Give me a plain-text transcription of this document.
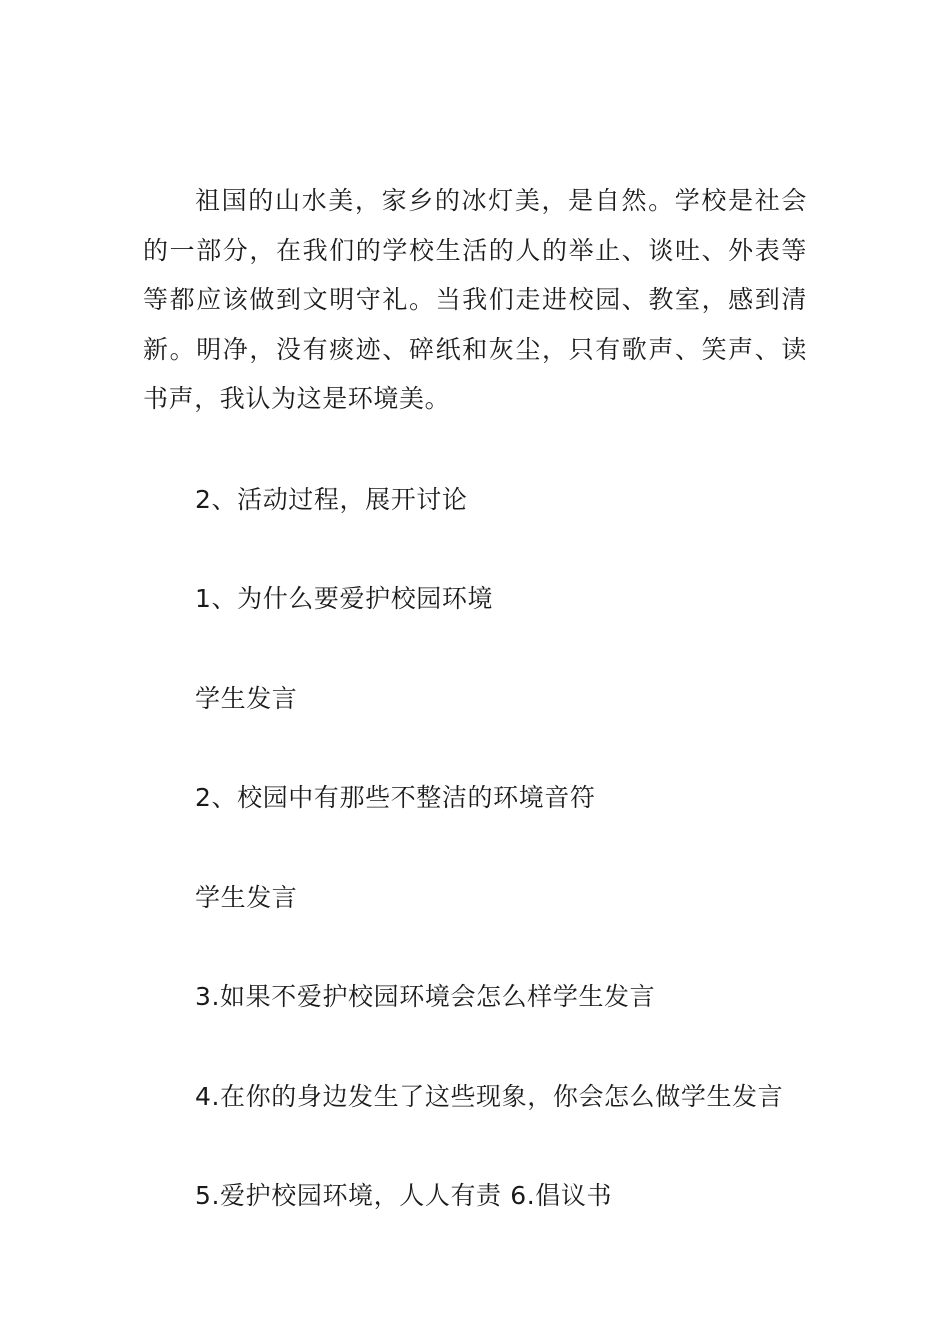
祖国的山水美，家乡的冰灯美，是自然。学校是社会的一部分，在我们的学校生活的人的举止、谈吐、外表等等都应该做到文明守礼。当我们走进校园、教室，感到清新。明净，没有痰迹、碎纸和灰尘，只有歌声、笑声、读书声，我认为这是环境美。

2、活动过程，展开讨论

1、为什么要爱护校园环境

学生发言

2、校园中有那些不整洁的环境音符

学生发言

3.如果不爱护校园环境会怎么样学生发言

4.在你的身边发生了这些现象，你会怎么做学生发言

5.爱护校园环境，人人有责 6.倡议书
